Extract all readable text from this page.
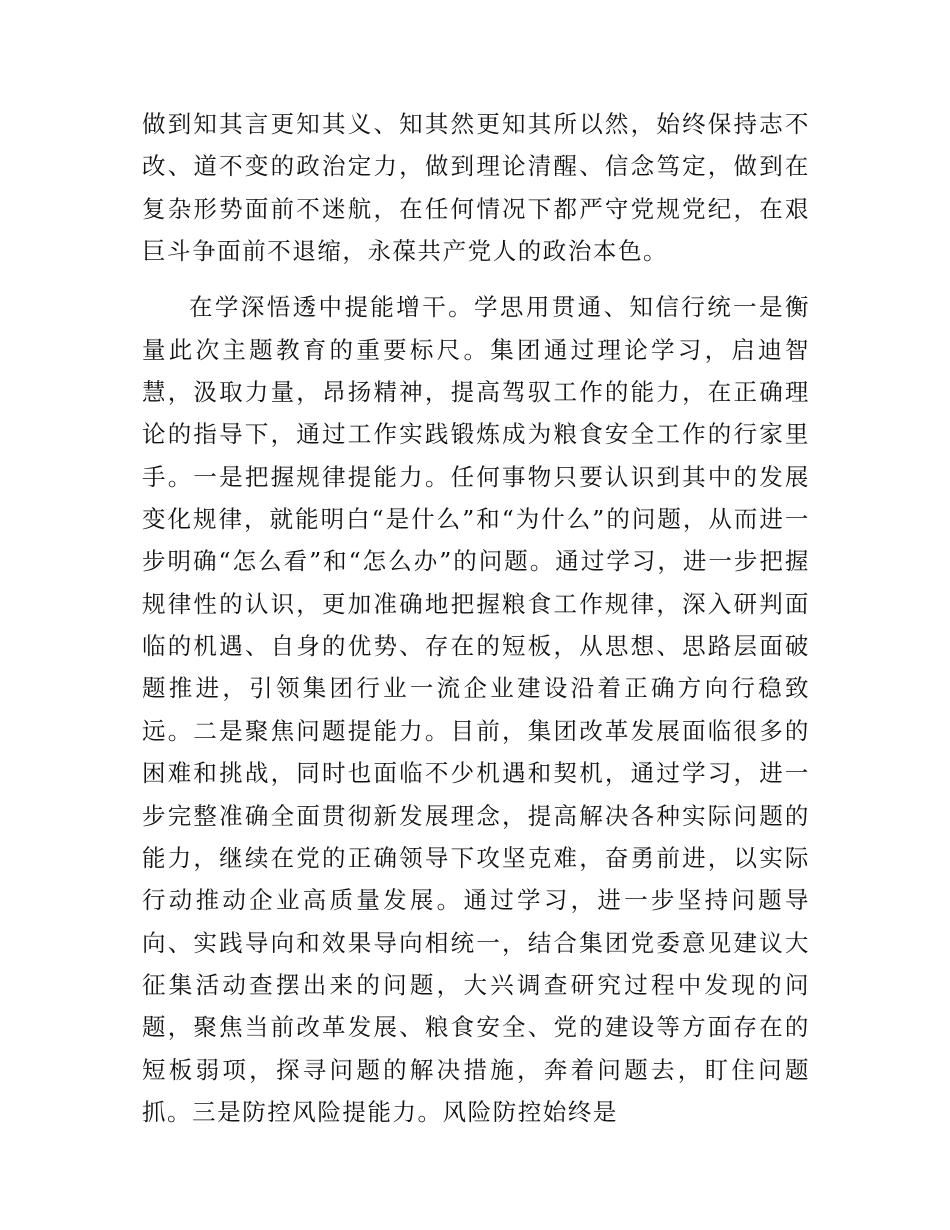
做到知其言更知其义、知其然更知其所以然，始终保持志不改、道不变的政治定力，做到理论清醒、信念笃定，做到在复杂形势面前不迷航，在任何情况下都严守党规党纪，在艰巨斗争面前不退缩，永葆共产党人的政治本色。

在学深悟透中提能增干。学思用贯通、知信行统一是衡量此次主题教育的重要标尺。集团通过理论学习，启迪智慧，汲取力量，昂扬精神，提高驾驭工作的能力，在正确理论的指导下，通过工作实践锻炼成为粮食安全工作的行家里手。一是把握规律提能力。任何事物只要认识到其中的发展变化规律，就能明白“是什么”和“为什么”的问题，从而进一步明确“怎么看”和“怎么办”的问题。通过学习，进一步把握规律性的认识，更加准确地把握粮食工作规律，深入研判面临的机遇、自身的优势、存在的短板，从思想、思路层面破题推进，引领集团行业一流企业建设沿着正确方向行稳致远。二是聚焦问题提能力。目前，集团改革发展面临很多的困难和挑战，同时也面临不少机遇和契机，通过学习，进一步完整准确全面贯彻新发展理念，提高解决各种实际问题的能力，继续在党的正确领导下攻坚克难，奋勇前进，以实际行动推动企业高质量发展。通过学习，进一步坚持问题导向、实践导向和效果导向相统一，结合集团党委意见建议大征集活动查摆出来的问题，大兴调查研究过程中发现的问题，聚焦当前改革发展、粮食安全、党的建设等方面存在的短板弱项，探寻问题的解决措施，奔着问题去，盯住问题抓。三是防控风险提能力。风险防控始终是
